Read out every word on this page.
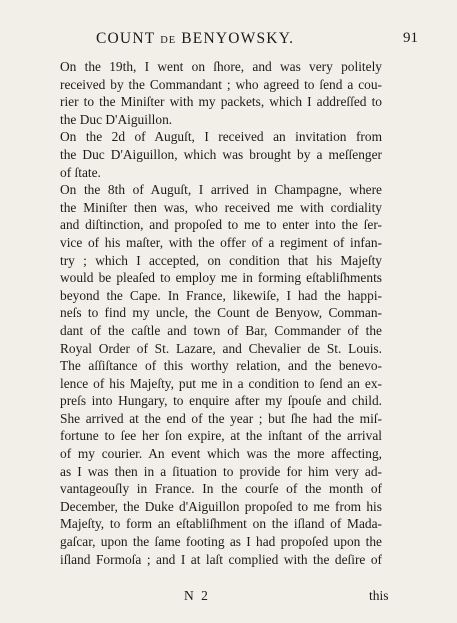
COUNT DE BENYOWSKY.	91
On the 19th, I went on ſhore, and was very politely
received by the Commandant ; who agreed to ſend a cou-
rier to the Miniſter with my packets, which I addreſſed to
the Duc D'Aiguillon.
On the 2d of Auguſt, I received an invitation from
the Duc D'Aiguillon, which was brought by a meſſenger
of ſtate.
On the 8th of Auguſt, I arrived in Champagne, where
the Miniſter then was, who received me with cordiality
and diſtinction, and propoſed to me to enter into the ſer-
vice of his maſter, with the offer of a regiment of infan-
try ; which I accepted, on condition that his Majeſty
would be pleaſed to employ me in forming eſtabliſhments
beyond the Cape. In France, likewiſe, I had the happi-
neſs to find my uncle, the Count de Benyow, Comman-
dant of the caſtle and town of Bar, Commander of the
Royal Order of St. Lazare, and Chevalier de St. Louis.
The aſſiſtance of this worthy relation, and the benevo-
lence of his Majeſty, put me in a condition to ſend an ex-
preſs into Hungary, to enquire after my ſpouſe and child.
She arrived at the end of the year ; but ſhe had the miſ-
fortune to ſee her ſon expire, at the inſtant of the arrival
of my courier. An event which was the more affecting,
as I was then in a ſituation to provide for him very ad-
vantageouſly in France. In the courſe of the month of
December, the Duke d'Aiguillon propoſed to me from his
Majeſty, to form an eſtabliſhment on the iſland of Mada-
gaſcar, upon the ſame footing as I had propoſed upon the
iſland Formoſa ; and I at laſt complied with the deſire of
N 2	this
